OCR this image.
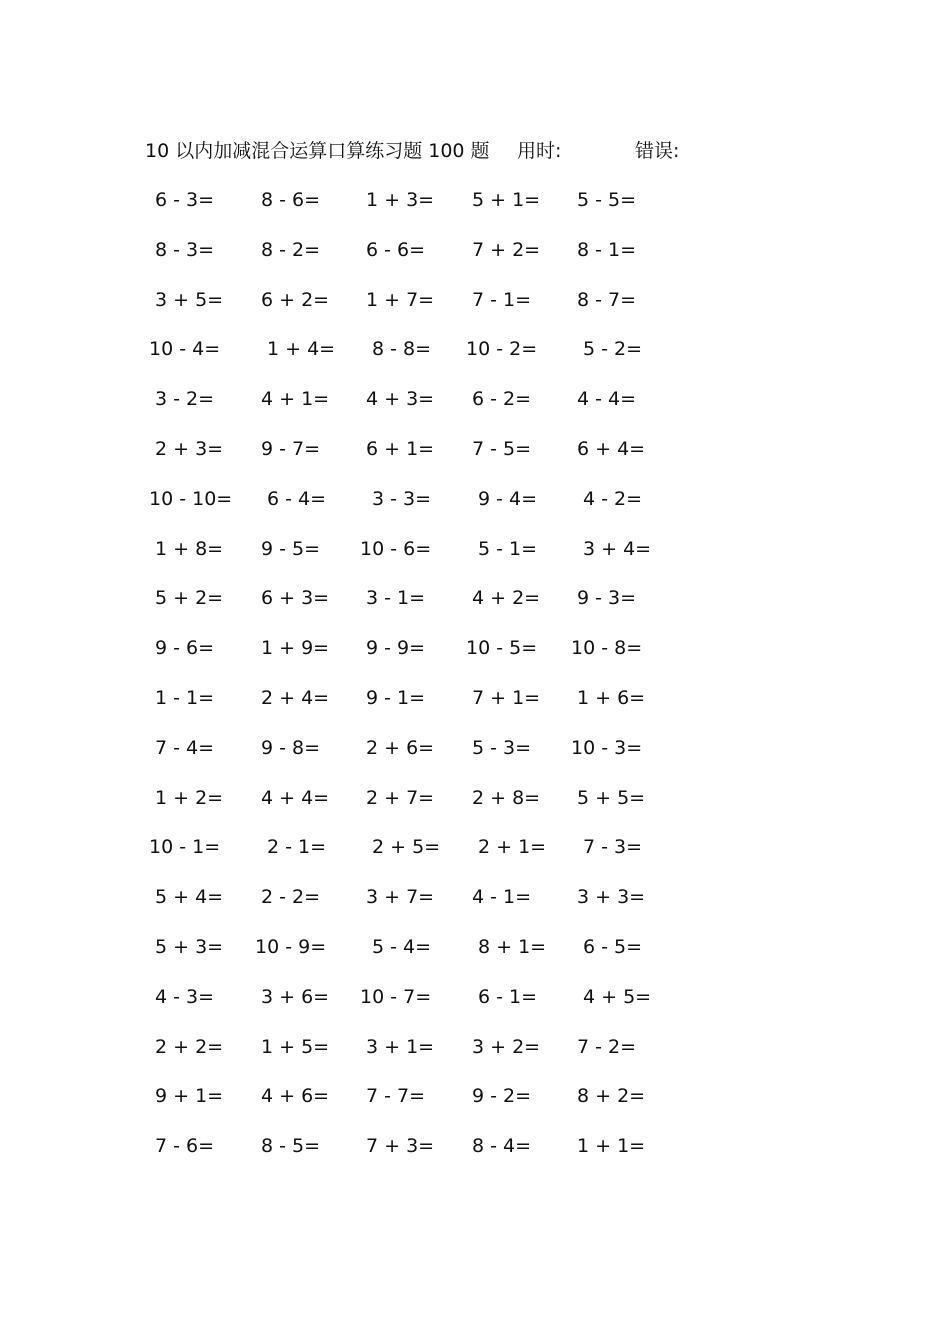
10 以内加减混合运算口算练习题 100 题 用时:	错误:
6 - 3= 8 - 6= 1 + 3= 5 + 1= 5 - 5=
8 - 3= 8 - 2= 6 - 6= 7 + 2= 8 - 1=
3 + 5= 6 + 2= 1 + 7= 7 - 1= 8 - 7=
10 - 4= 1 + 4= 8 - 8= 10 - 2= 5 - 2=
3 - 2= 4 + 1= 4 + 3= 6 - 2= 4 - 4=
2 + 3= 9 - 7= 6 + 1= 7 - 5= 6 + 4=
10 - 10= 6 - 4= 3 - 3= 9 - 4= 4 - 2=
1 + 8= 9 - 5= 10 - 6= 5 - 1= 3 + 4=
5 + 2= 6 + 3= 3 - 1= 4 + 2= 9 - 3=
9 - 6= 1 + 9= 9 - 9= 10 - 5= 10 - 8=
1 - 1= 2 + 4= 9 - 1= 7 + 1= 1 + 6=
7 - 4= 9 - 8= 2 + 6= 5 - 3= 10 - 3=
1 + 2= 4 + 4= 2 + 7= 2 + 8= 5 + 5=
10 - 1= 2 - 1= 2 + 5= 2 + 1= 7 - 3=
5 + 4= 2 - 2= 3 + 7= 4 - 1= 3 + 3=
5 + 3= 10 - 9= 5 - 4= 8 + 1= 6 - 5=
4 - 3= 3 + 6= 10 - 7= 6 - 1= 4 + 5=
2 + 2= 1 + 5= 3 + 1= 3 + 2= 7 - 2=
9 + 1= 4 + 6= 7 - 7= 9 - 2= 8 + 2=
7 - 6= 8 - 5= 7 + 3= 8 - 4= 1 + 1=
